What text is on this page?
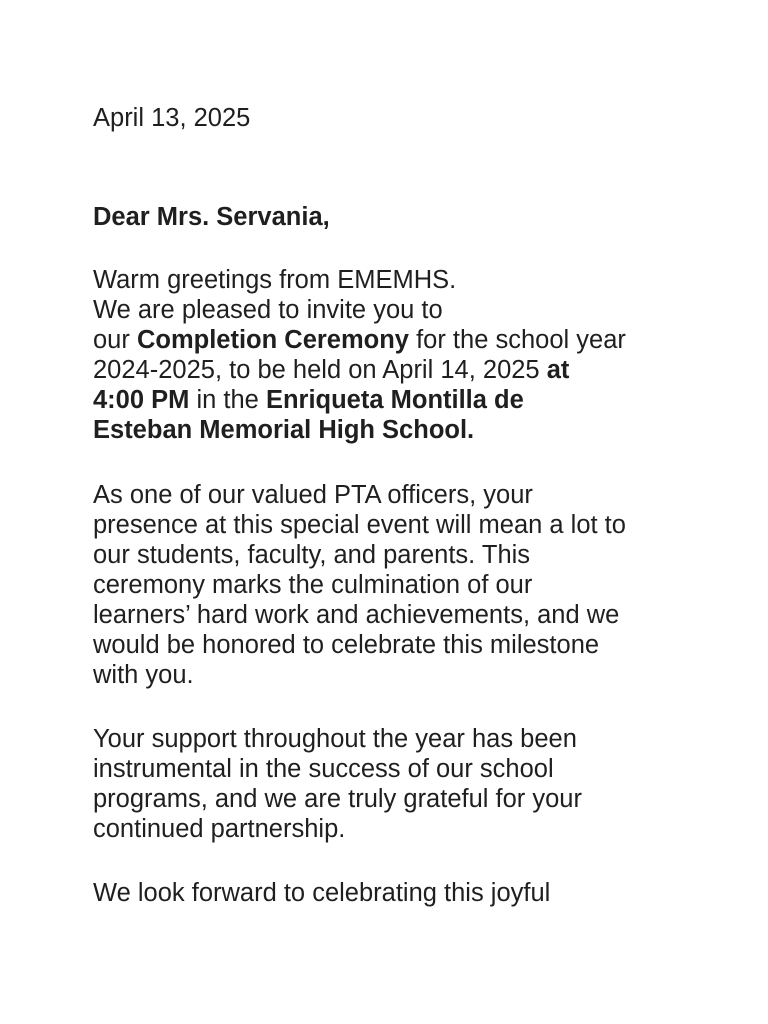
April 13, 2025
Dear Mrs. Servania,
Warm greetings from EMEMHS.
We are pleased to invite you to
our Completion Ceremony for the school year
2024-2025, to be held on April 14, 2025 at
4:00 PM in the Enriqueta Montilla de
Esteban Memorial High School.
As one of our valued PTA officers, your
presence at this special event will mean a lot to
our students, faculty, and parents. This
ceremony marks the culmination of our
learners’ hard work and achievements, and we
would be honored to celebrate this milestone
with you.
Your support throughout the year has been
instrumental in the success of our school
programs, and we are truly grateful for your
continued partnership.
We look forward to celebrating this joyful
